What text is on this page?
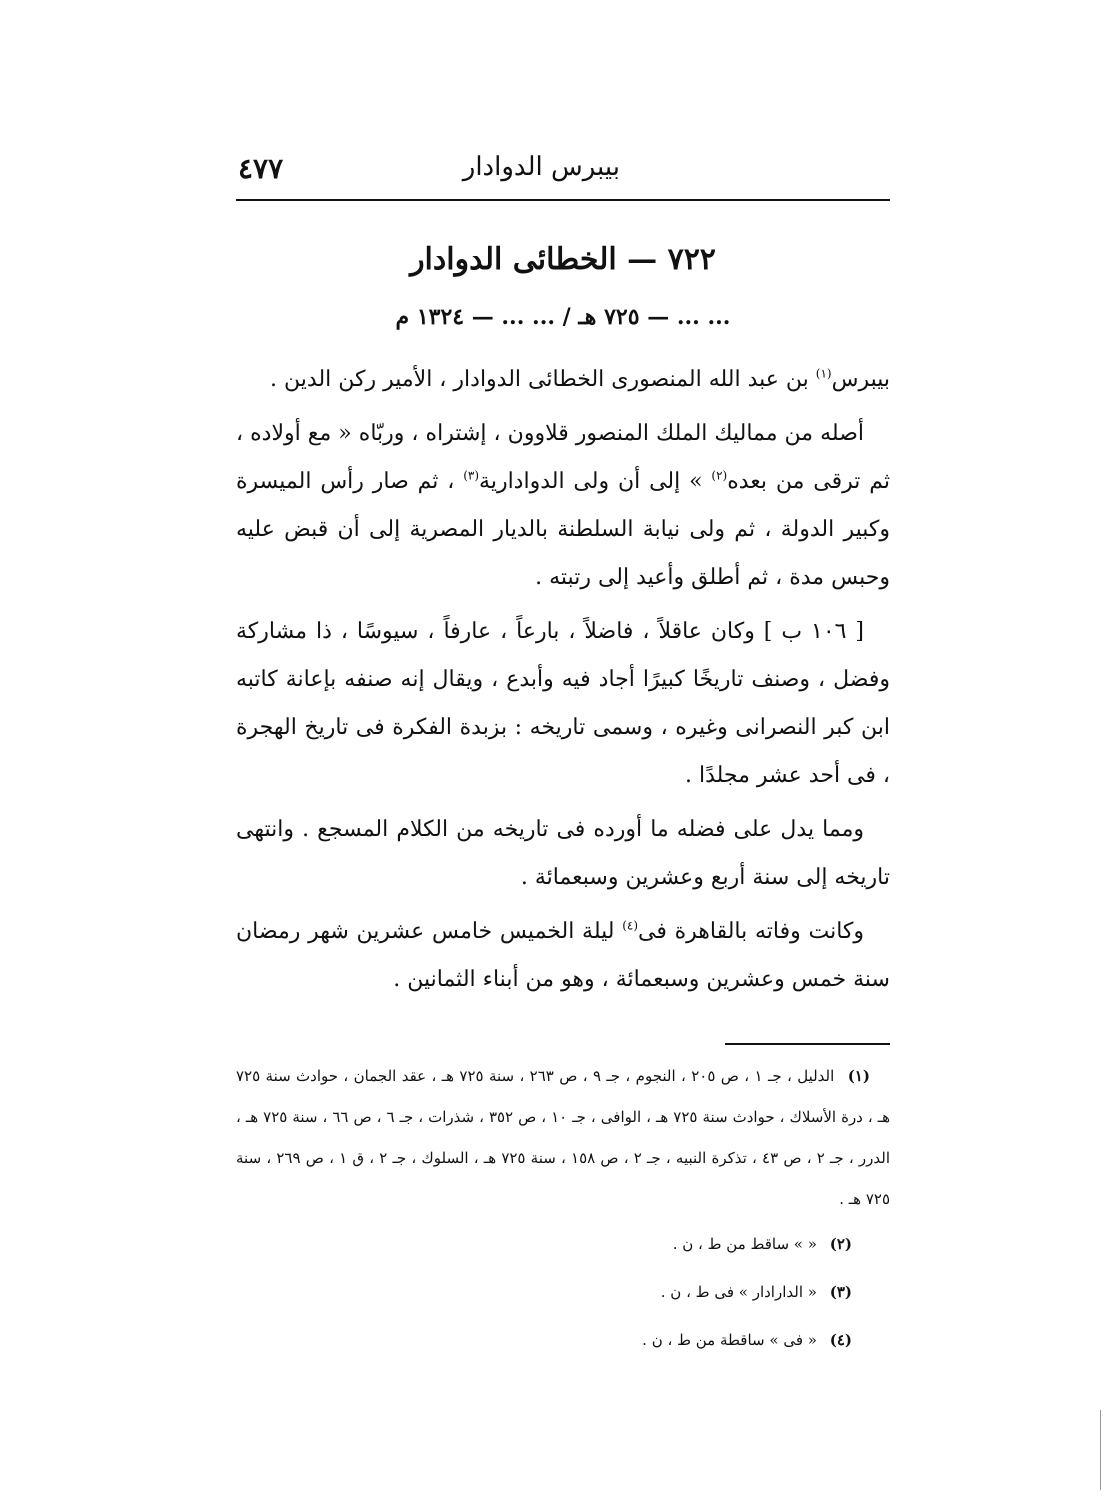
بيبرس الدوادار
٤٧٧
٧٢٢ — الخطائى الدوادار
... ... — ٧٢٥ هـ / ... ... — ١٣٢٤ م

بيبرس$^{(١)}$ بن عبد الله المنصورى الخطائى الدوادار ، الأمير ركن الدين .

أصله من مماليك الملك المنصور قلاوون ، إشتراه ، وربّاه « مع أولاده ، ثم ترقى من بعده$^{(٢)}$ » إلى أن ولى الدوادارية$^{(٣)}$ ، ثم صار رأس الميسرة وكبير الدولة ، ثم ولى نيابة السلطنة بالديار المصرية إلى أن قبض عليه وحبس مدة ، ثم أطلق وأعيد إلى رتبته .

[ ١٠٦ ب ] وكان عاقلاً ، فاضلاً ، بارعاً ، عارفاً ، سيوسًا ، ذا مشاركة وفضل ، وصنف تاريخًا كبيرًا أجاد فيه وأبدع ، ويقال إنه صنفه بإعانة كاتبه ابن كبر النصرانى وغيره ، وسمى تاريخه : بزبدة الفكرة فى تاريخ الهجرة ، فى أحد عشر مجلدًا .

ومما يدل على فضله ما أورده فى تاريخه من الكلام المسجع . وانتهى تاريخه إلى سنة أربع وعشرين وسبعمائة .

وكانت وفاته بالقاهرة فى$^{(٤)}$ ليلة الخميس خامس عشرين شهر رمضان سنة خمس وعشرين وسبعمائة ، وهو من أبناء الثمانين .

(١) الدليل ، جـ ١ ، ص ٢٠٥ ، النجوم ، جـ ٩ ، ص ٢٦٣ ، سنة ٧٢٥ هـ ، عقد الجمان ، حوادث سنة ٧٢٥ هـ ، درة الأسلاك ، حوادث سنة ٧٢٥ هـ ، الوافى ، جـ ١٠ ، ص ٣٥٢ ، شذرات ، جـ ٦ ، ص ٦٦ ، سنة ٧٢٥ هـ ، الدرر ، جـ ٢ ، ص ٤٣ ، تذكرة النبيه ، جـ ٢ ، ص ١٥٨ ، سنة ٧٢٥ هـ ، السلوك ، جـ ٢ ، ق ١ ، ص ٢٦٩ ، سنة ٧٢٥ هـ .

(٢) « » ساقط من ط ، ن .

(٣) « الدارادار » فى ط ، ن .

(٤) « فى » ساقطة من ط ، ن .
